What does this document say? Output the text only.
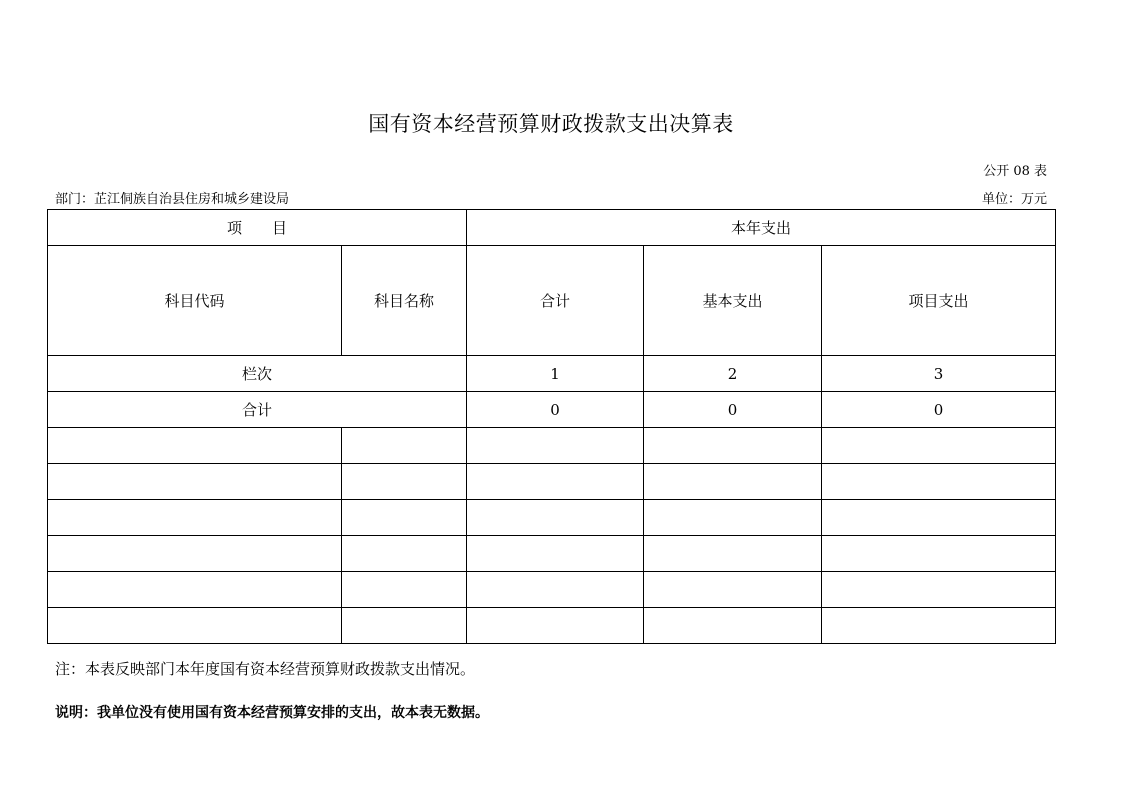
国有资本经营预算财政拨款支出决算表
公开 08 表
部门：芷江侗族自治县住房和城乡建设局	单位：万元
项　　目		本年支出		
科目代码	科目名称	合计	基本支出	项目支出
栏次		1	2	3
合计		0	0	0

注：本表反映部门本年度国有资本经营预算财政拨款支出情况。
说明：我单位没有使用国有资本经营预算安排的支出，故本表无数据。
